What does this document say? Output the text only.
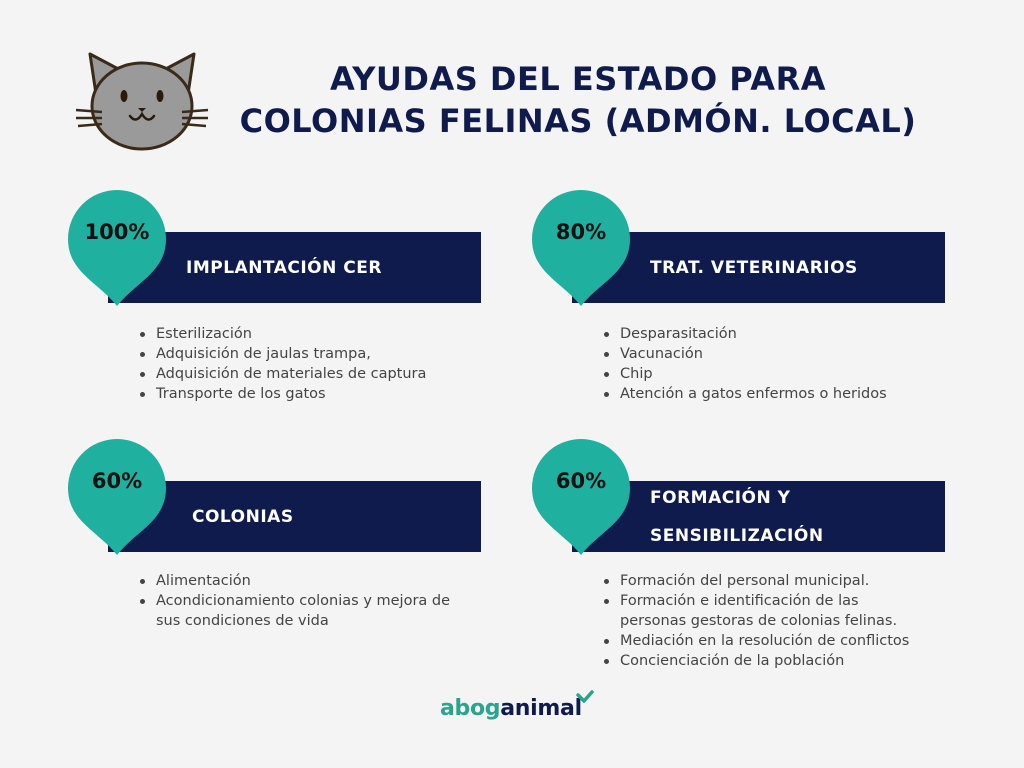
AYUDAS DEL ESTADO PARA
COLONIAS FELINAS (ADMÓN. LOCAL)
IMPLANTACIÓN CER
100%
Esterilización
Adquisición de jaulas trampa,
Adquisición de materiales de captura
Transporte de los gatos
TRAT. VETERINARIOS
80%
Desparasitación
Vacunación
Chip
Atención a gatos enfermos o heridos
COLONIAS
60%
Alimentación
Acondicionamiento colonias y mejora de sus condiciones de vida
FORMACIÓN Y SENSIBILIZACIÓN
60%
Formación del personal municipal.
Formación e identificación de las personas gestoras de colonias felinas.
Mediación en la resolución de conflictos
Concienciación de la población
aboganimal
